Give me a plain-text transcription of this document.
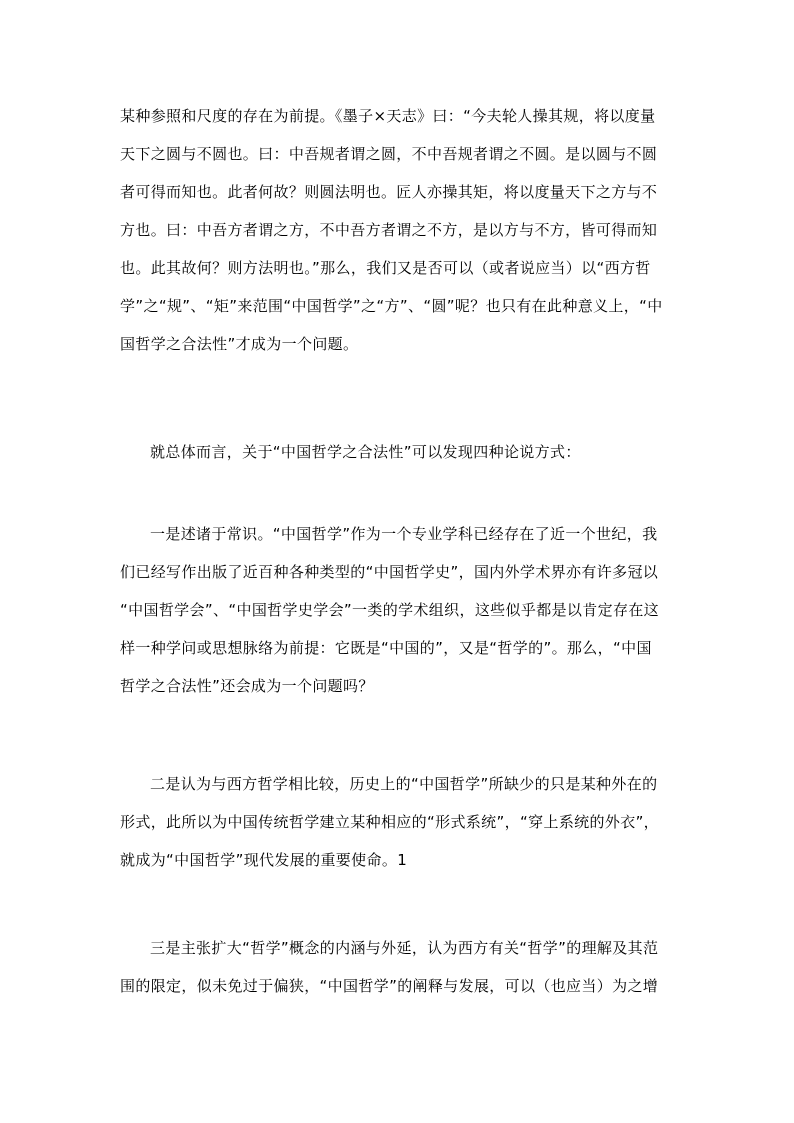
某种参照和尺度的存在为前提。《墨子×天志》曰：“今夫轮人操其规，将以度量
天下之圆与不圆也。曰：中吾规者谓之圆，不中吾规者谓之不圆。是以圆与不圆
者可得而知也。此者何故？则圆法明也。匠人亦操其矩，将以度量天下之方与不
方也。曰：中吾方者谓之方，不中吾方者谓之不方，是以方与不方，皆可得而知
也。此其故何？则方法明也。”那么，我们又是否可以（或者说应当）以“西方哲
学”之“规”、“矩”来范围“中国哲学”之“方”、“圆”呢？也只有在此种意义上，“中
国哲学之合法性”才成为一个问题。
就总体而言，关于“中国哲学之合法性”可以发现四种论说方式：
一是述诸于常识。“中国哲学”作为一个专业学科已经存在了近一个世纪，我
们已经写作出版了近百种各种类型的“中国哲学史”，国内外学术界亦有许多冠以
“中国哲学会”、“中国哲学史学会”一类的学术组织，这些似乎都是以肯定存在这
样一种学问或思想脉络为前提：它既是“中国的”，又是“哲学的”。那么，“中国
哲学之合法性”还会成为一个问题吗？
二是认为与西方哲学相比较，历史上的“中国哲学”所缺少的只是某种外在的
形式，此所以为中国传统哲学建立某种相应的“形式系统”，“穿上系统的外衣”，
就成为“中国哲学”现代发展的重要使命。1
三是主张扩大“哲学”概念的内涵与外延，认为西方有关“哲学”的理解及其范
围的限定，似未免过于偏狭，“中国哲学”的阐释与发展，可以（也应当）为之增
